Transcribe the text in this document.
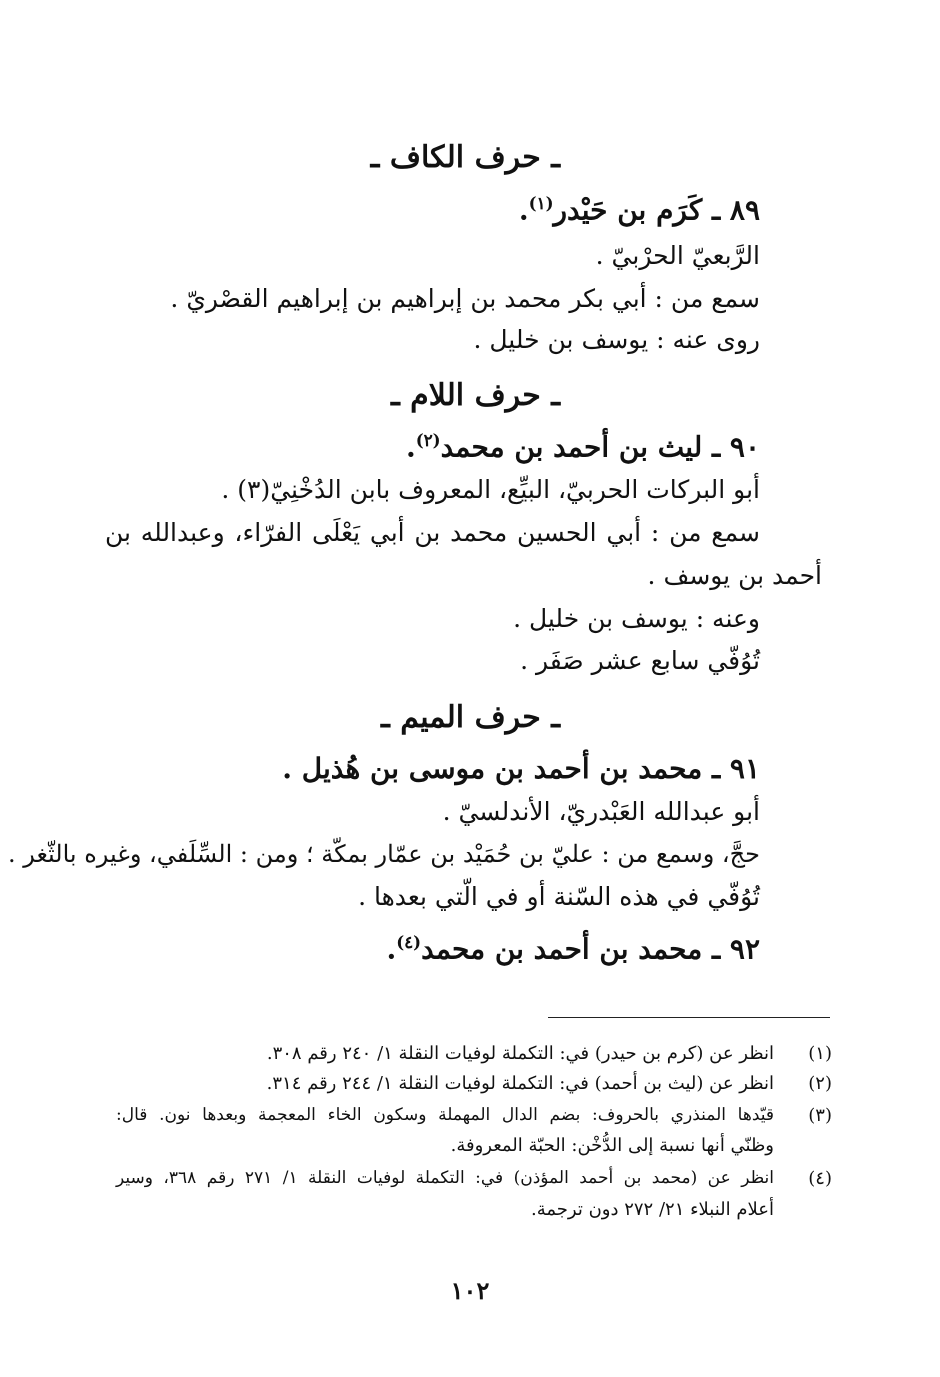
ـ حرف الكاف ـ
٨٩ ـ كَرَم بن حَيْدر$^{(١)}$.
الرَّبعيّ الحرْبيّ .
سمع من : أبي بكر محمد بن إبراهيم بن إبراهيم القصْريّ .
روى عنه : يوسف بن خليل .
ـ حرف اللام ـ
٩٠ ـ ليث بن أحمد بن محمد$^{(٢)}$.
أبو البركات الحربيّ، البيِّع، المعروف بابن الدُخْنِيّ(٣) .
سمع من : أبي الحسين محمد بن أبي يَعْلَى الفرّاء، وعبدالله بن
أحمد بن يوسف .
وعنه : يوسف بن خليل .
تُوُفّي سابع عشر صَفَر .
ـ حرف الميم ـ
٩١ ـ محمد بن أحمد بن موسى بن هُذيل .
أبو عبدالله العَبْدريّ، الأندلسيّ .
حجَّ، وسمع من : عليّ بن حُمَيْد بن عمّار بمكّة ؛ ومن : السِّلَفي، وغيره بالثّغر .
تُوُفّي في هذه السّنة أو في الّتي بعدها .
٩٢ ـ محمد بن أحمد بن محمد$^{(٤)}$.
(١)
انظر عن (كرم بن حيدر) في: التكملة لوفيات النقلة ١/ ٢٤٠ رقم ٣٠٨.
(٢)
انظر عن (ليث بن أحمد) في: التكملة لوفيات النقلة ١/ ٢٤٤ رقم ٣١٤.
(٣)
قيّدها المنذري بالحروف: بضم الدال المهملة وسكون الخاء المعجمة وبعدها نون. قال:
وظنّي أنها نسبة إلى الدُّخْن: الحبّة المعروفة.
(٤)
انظر عن (محمد بن أحمد المؤذن) في: التكملة لوفيات النقلة ١/ ٢٧١ رقم ٣٦٨، وسير
أعلام النبلاء ٢١/ ٢٧٢ دون ترجمة.
١٠٢
